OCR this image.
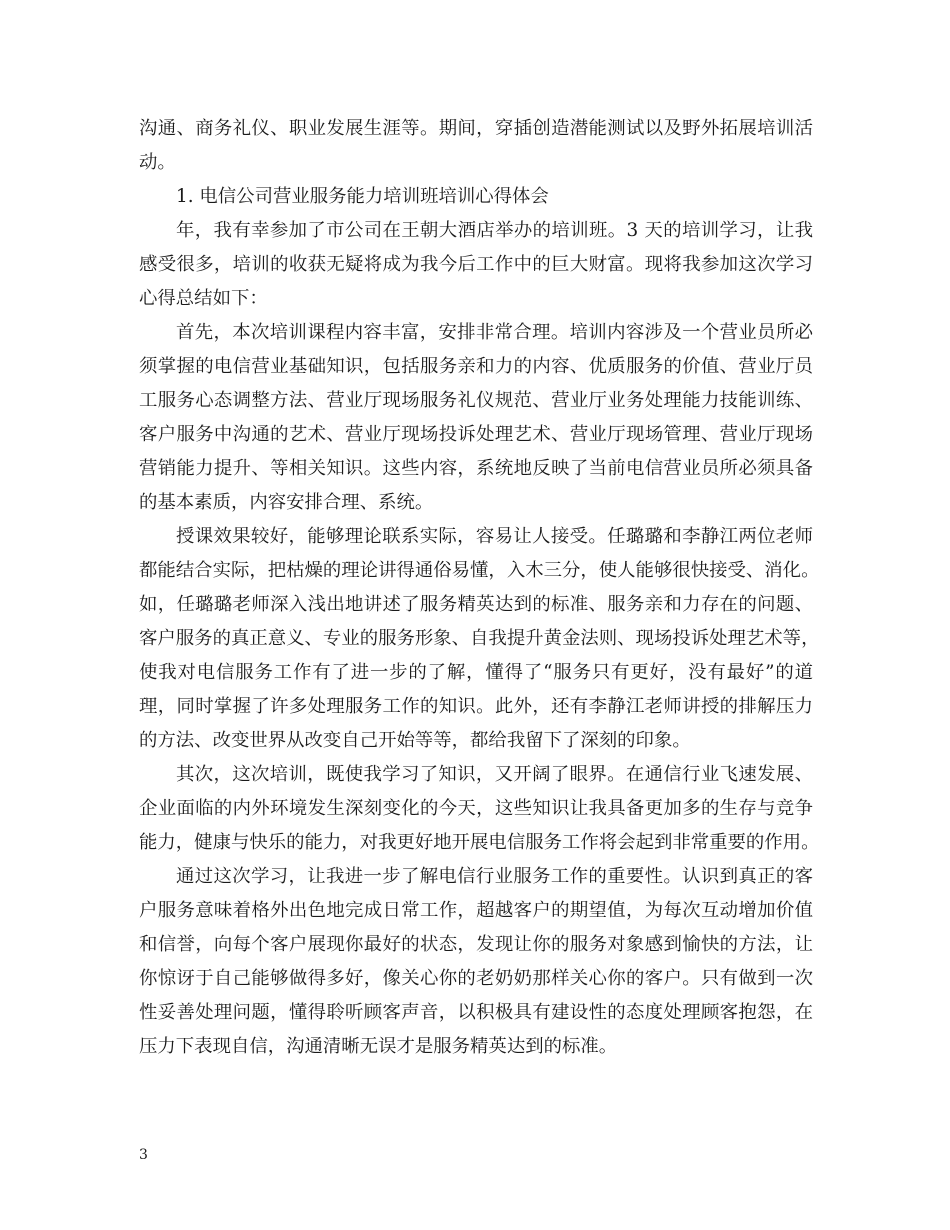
沟通、商务礼仪、职业发展生涯等。期间，穿插创造潜能测试以及野外拓展培训活
动。
1. 电信公司营业服务能力培训班培训心得体会
年，我有幸参加了市公司在王朝大酒店举办的培训班。3 天的培训学习，让我
感受很多，培训的收获无疑将成为我今后工作中的巨大财富。现将我参加这次学习
心得总结如下：
首先，本次培训课程内容丰富，安排非常合理。培训内容涉及一个营业员所必
须掌握的电信营业基础知识，包括服务亲和力的内容、优质服务的价值、营业厅员
工服务心态调整方法、营业厅现场服务礼仪规范、营业厅业务处理能力技能训练、
客户服务中沟通的艺术、营业厅现场投诉处理艺术、营业厅现场管理、营业厅现场
营销能力提升、等相关知识。这些内容，系统地反映了当前电信营业员所必须具备
的基本素质，内容安排合理、系统。
授课效果较好，能够理论联系实际，容易让人接受。任璐璐和李静江两位老师
都能结合实际，把枯燥的理论讲得通俗易懂，入木三分，使人能够很快接受、消化。
如，任璐璐老师深入浅出地讲述了服务精英达到的标准、服务亲和力存在的问题、
客户服务的真正意义、专业的服务形象、自我提升黄金法则、现场投诉处理艺术等，
使我对电信服务工作有了进一步的了解，懂得了“服务只有更好，没有最好”的道
理，同时掌握了许多处理服务工作的知识。此外，还有李静江老师讲授的排解压力
的方法、改变世界从改变自己开始等等，都给我留下了深刻的印象。
其次，这次培训，既使我学习了知识，又开阔了眼界。在通信行业飞速发展、
企业面临的内外环境发生深刻变化的今天，这些知识让我具备更加多的生存与竞争
能力，健康与快乐的能力，对我更好地开展电信服务工作将会起到非常重要的作用。
通过这次学习，让我进一步了解电信行业服务工作的重要性。认识到真正的客
户服务意味着格外出色地完成日常工作，超越客户的期望值，为每次互动增加价值
和信誉，向每个客户展现你最好的状态，发现让你的服务对象感到愉快的方法，让
你惊讶于自己能够做得多好，像关心你的老奶奶那样关心你的客户。只有做到一次
性妥善处理问题，懂得聆听顾客声音，以积极具有建设性的态度处理顾客抱怨，在
压力下表现自信，沟通清晰无误才是服务精英达到的标准。
3
